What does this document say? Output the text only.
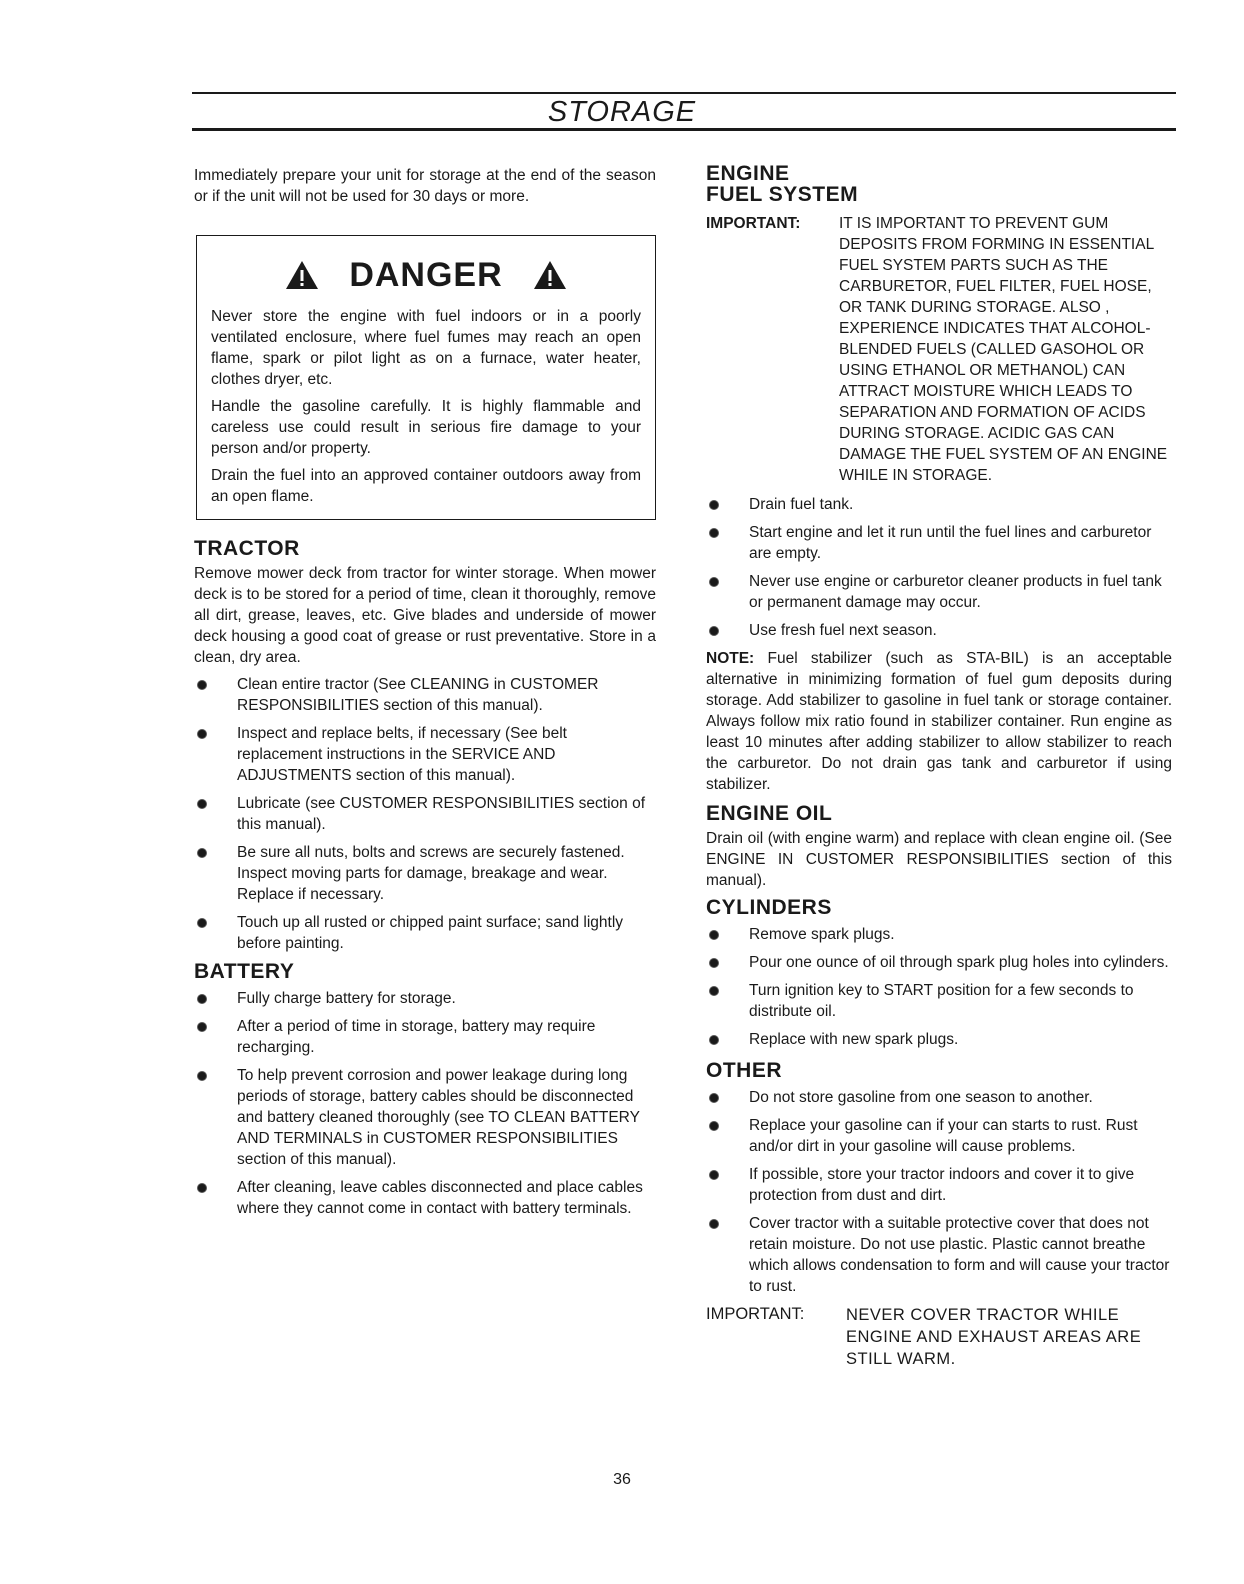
STORAGE

Immediately prepare your unit for storage at the end of the season or if the unit will not be used for 30 days or more.

DANGER

Never store the engine with fuel indoors or in a poorly ventilated enclosure, where fuel fumes may reach an open flame, spark or pilot light as on a furnace, water heater, clothes dryer, etc.

Handle the gasoline carefully. It is highly flammable and careless use could result in serious fire damage to your person and/or property.

Drain the fuel into an approved container outdoors away from an open flame.

TRACTOR

Remove mower deck from tractor for winter storage. When mower deck is to be stored for a period of time, clean it thoroughly, remove all dirt, grease, leaves, etc. Give blades and underside of mower deck housing a good coat of grease or rust preventative. Store in a clean, dry area.

Clean entire tractor (See CLEANING in CUSTOMER RESPONSIBILITIES section of this manual).
Inspect and replace belts, if necessary (See belt replacement instructions in the SERVICE AND ADJUSTMENTS section of this manual).
Lubricate (see CUSTOMER RESPONSIBILITIES section of this manual).
Be sure all nuts, bolts and screws are securely fastened. Inspect moving parts for damage, breakage and wear. Replace if necessary.
Touch up all rusted or chipped paint surface; sand lightly before painting.
BATTERY
Fully charge battery for storage.
After a period of time in storage, battery may require recharging.
To help prevent corrosion and power leakage during long periods of storage, battery cables should be disconnected and battery cleaned thoroughly (see TO CLEAN BATTERY AND TERMINALS in CUSTOMER RESPONSIBILITIES section of this manual).
After cleaning, leave cables disconnected and place cables where they cannot come in contact with battery terminals.
ENGINE
FUEL SYSTEM
IMPORTANT:	IT IS IMPORTANT TO PREVENT GUM DEPOSITS FROM FORMING IN ESSENTIAL FUEL SYSTEM PARTS SUCH AS THE CARBURETOR, FUEL FILTER, FUEL HOSE, OR TANK DURING STORAGE. ALSO , EXPERIENCE INDICATES THAT ALCOHOL-BLENDED FUELS (CALLED GASOHOL OR USING ETHANOL OR METHANOL) CAN ATTRACT MOISTURE WHICH LEADS TO SEPARATION AND FORMATION OF ACIDS DURING STORAGE. ACIDIC GAS CAN DAMAGE THE FUEL SYSTEM OF AN ENGINE WHILE IN STORAGE.
Drain fuel tank.
Start engine and let it run until the fuel lines and carburetor are empty.
Never use engine or carburetor cleaner products in fuel tank or permanent damage may occur.
Use fresh fuel next season.

NOTE: Fuel stabilizer (such as STA-BIL) is an acceptable alternative in minimizing formation of fuel gum deposits during storage. Add stabilizer to gasoline in fuel tank or storage container. Always follow mix ratio found in stabilizer container. Run engine as least 10 minutes after adding stabilizer to allow stabilizer to reach the carburetor. Do not drain gas tank and carburetor if using stabilizer.

ENGINE OIL

Drain oil (with engine warm) and replace with clean engine oil. (See ENGINE IN CUSTOMER RESPONSIBILITIES section of this manual).

CYLINDERS
Remove spark plugs.
Pour one ounce of oil through spark plug holes into cylinders.
Turn ignition key to START position for a few seconds to distribute oil.
Replace with new spark plugs.
OTHER
Do not store gasoline from one season to another.
Replace your gasoline can if your can starts to rust. Rust and/or dirt in your gasoline will cause problems.
If possible, store your tractor indoors and cover it to give protection from dust and dirt.
Cover tractor with a suitable protective cover that does not retain moisture. Do not use plastic. Plastic cannot breathe which allows condensation to form and will cause your tractor to rust.
IMPORTANT:	NEVER COVER TRACTOR WHILE ENGINE AND EXHAUST AREAS ARE STILL WARM.
36
